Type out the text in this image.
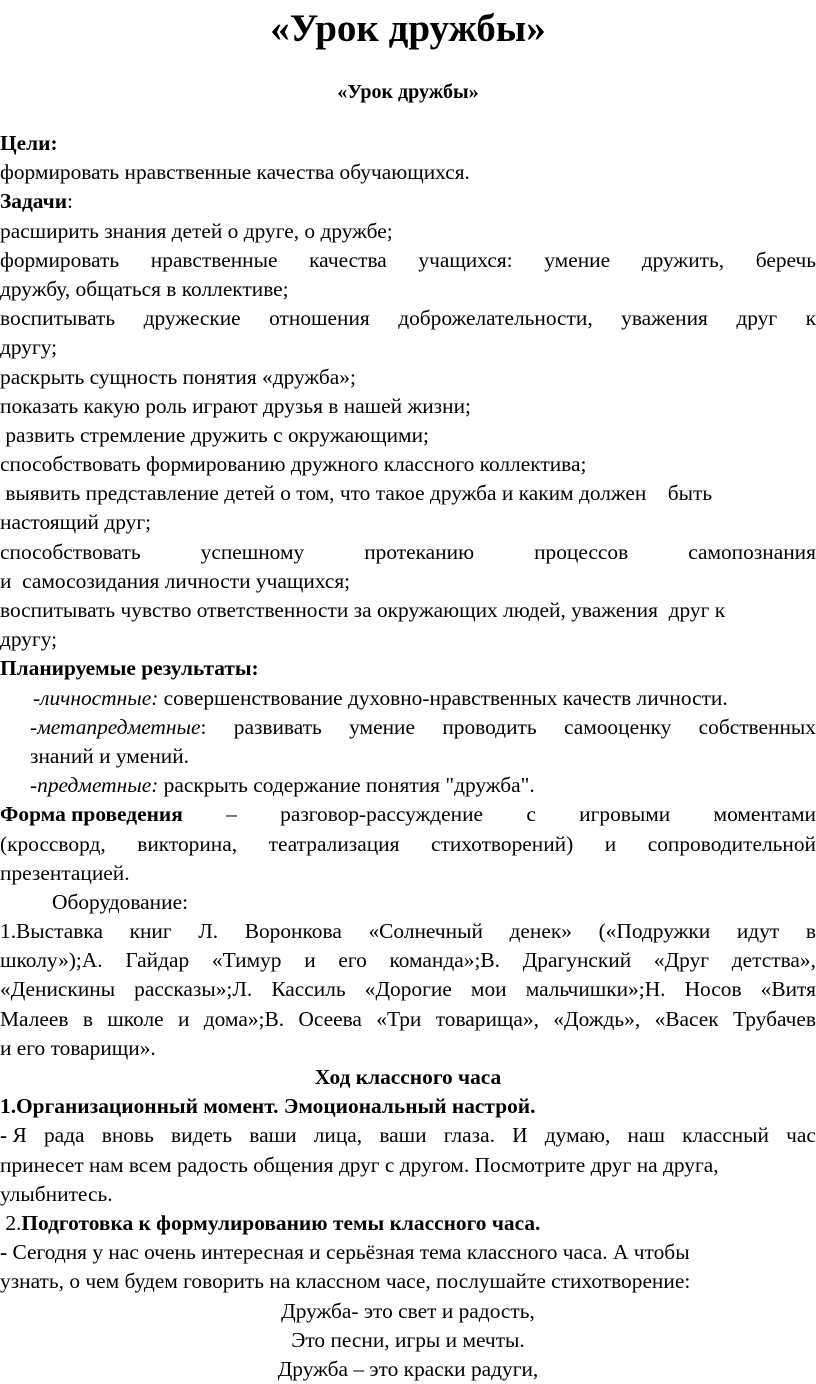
«Урок дружбы»
«Урок дружбы»
Цели:
формировать нравственные качества обучающихся.
Задачи:
расширить знания детей о друге, о дружбе;
формировать нравственные качества учащихся: умение дружить, беречь
дружбу, общаться в коллективе;
воспитывать дружеские отношения доброжелательности, уважения друг к
другу;
раскрыть сущность понятия «дружба»;
показать какую роль играют друзья в нашей жизни;
развить стремление дружить с окружающими;
способствовать формированию дружного классного коллектива;
выявить представление детей о том, что такое дружба и каким должен    быть
настоящий друг;
способствовать	успешному	протеканию	процессов	самопознания
и  самосозидания личности учащихся;
воспитывать чувство ответственности за окружающих людей, уважения  друг к
другу;
Планируемые результаты:
-личностные: совершенствование духовно-нравственных качеств личности.
-метапредметные: развивать умение проводить самооценку собственных
знаний и умений.
-предметные: раскрыть содержание понятия "дружба".
Форма проведения – разговор-рассуждение с игровыми моментами
(кроссворд, викторина, театрализация стихотворений) и сопроводительной
презентацией.
Оборудование:
1.Выставка книг Л. Воронкова «Солнечный денек» («Подружки идут в
школу»);А. Гайдар «Тимур и его команда»;В. Драгунский «Друг детства»,
«Денискины рассказы»;Л. Кассиль «Дорогие мои мальчишки»;Н. Носов «Витя
Малеев в школе и дома»;В. Осеева «Три товарища», «Дождь», «Васек Трубачев
и его товарищи».
Ход классного часа
1.Организационный момент. Эмоциональный настрой.
- Я рада вновь видеть ваши лица, ваши глаза. И думаю, наш классный час
принесет нам всем радость общения друг с другом. Посмотрите друг на друга,
улыбнитесь.
2.Подготовка к формулированию темы классного часа.
- Сегодня у нас очень интересная и серьёзная тема классного часа. А чтобы
узнать, о чем будем говорить на классном часе, послушайте стихотворение:
Дружба- это свет и радость,
Это песни, игры и мечты.
Дружба – это краски радуги,
